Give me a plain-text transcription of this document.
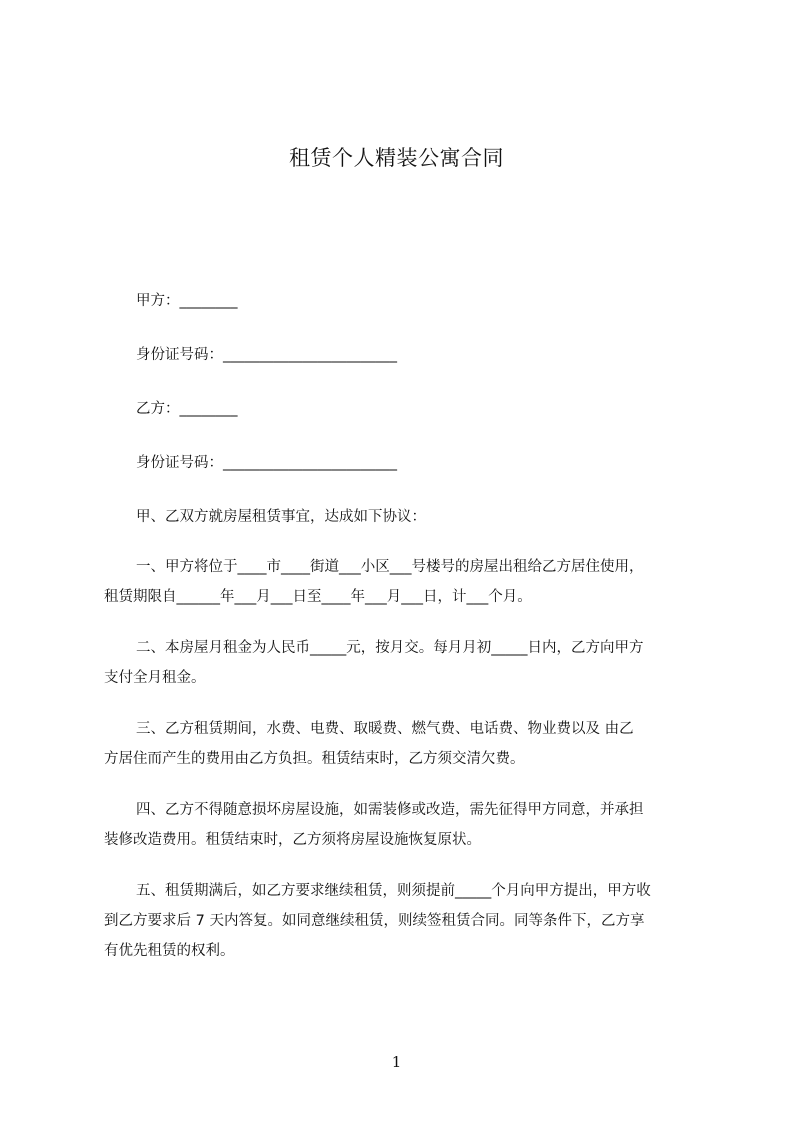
租赁个人精装公寓合同
甲方：________
身份证号码：________________________
乙方：________
身份证号码：________________________
甲、乙双方就房屋租赁事宜，达成如下协议：
一、甲方将位于____市____街道___小区___号楼号的房屋出租给乙方居住使用，
租赁期限自______年___月___日至____年___月___日，计___个月。
二、本房屋月租金为人民币_____元，按月交。每月月初_____日内，乙方向甲方
支付全月租金。
三、乙方租赁期间，水费、电费、取暖费、燃气费、电话费、物业费以及 由乙
方居住而产生的费用由乙方负担。租赁结束时，乙方须交清欠费。
四、乙方不得随意损坏房屋设施，如需装修或改造，需先征得甲方同意，并承担
装修改造费用。租赁结束时，乙方须将房屋设施恢复原状。
五、租赁期满后，如乙方要求继续租赁，则须提前_____个月向甲方提出，甲方收
到乙方要求后 7 天内答复。如同意继续租赁，则续签租赁合同。同等条件下，乙方享
有优先租赁的权利。
1
